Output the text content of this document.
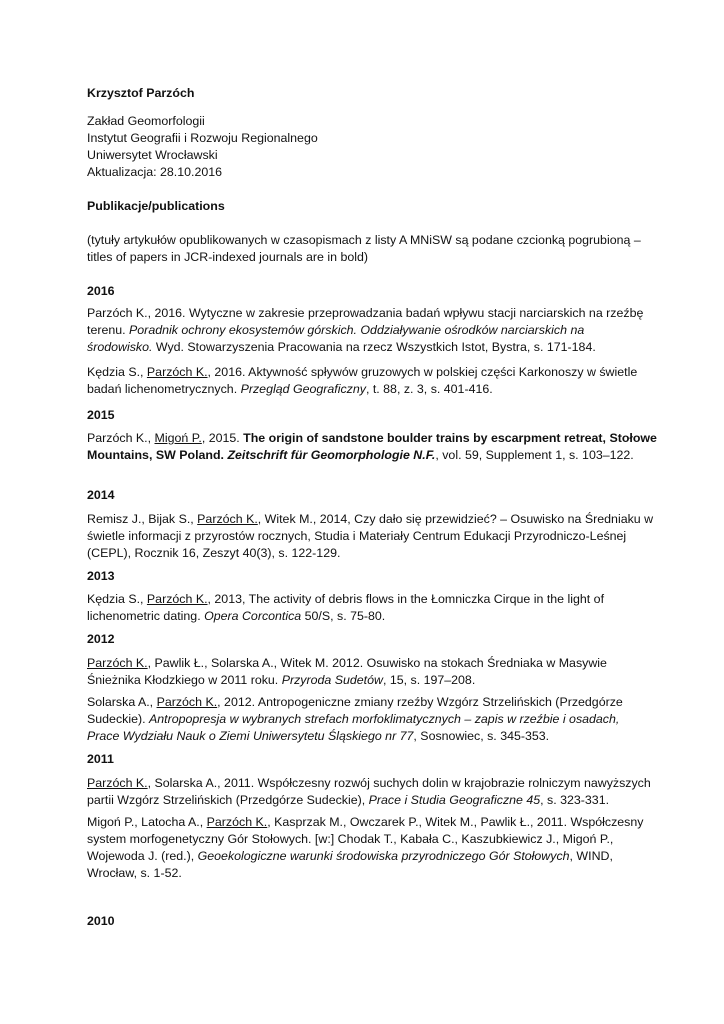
Krzysztof Parzóch

Zakład Geomorfologii
Instytut Geografii i Rozwoju Regionalnego
Uniwersytet Wrocławski
Aktualizacja: 28.10.2016

Publikacje/publications

(tytuły artykułów opublikowanych w czasopismach z listy A MNiSW są podane czcionką pogrubioną –
titles of papers in JCR-indexed journals are in bold)

2016

Parzóch K., 2016. Wytyczne w zakresie przeprowadzania badań wpływu stacji narciarskich na rzeźbę
terenu. Poradnik ochrony ekosystemów górskich. Oddziaływanie ośrodków narciarskich na
środowisko. Wyd. Stowarzyszenia Pracowania na rzecz Wszystkich Istot, Bystra, s. 171-184.
Kędzia S., Parzóch K., 2016. Aktywność spływów gruzowych w polskiej części Karkonoszy w świetle
badań lichenometrycznych. Przegląd Geograficzny, t. 88, z. 3, s. 401-416.

2015

Parzóch K., Migoń P., 2015. The origin of sandstone boulder trains by escarpment retreat, Stołowe
Mountains, SW Poland. Zeitschrift für Geomorphologie N.F., vol. 59, Supplement 1, s. 103–122.

2014

Remisz J., Bijak S., Parzóch K., Witek M., 2014, Czy dało się przewidzieć? – Osuwisko na Średniaku w
świetle informacji z przyrostów rocznych, Studia i Materiały Centrum Edukacji Przyrodniczo-Leśnej
(CEPL), Rocznik 16, Zeszyt 40(3), s. 122-129.

2013

Kędzia S., Parzóch K., 2013, The activity of debris flows in the Łomniczka Cirque in the light of
lichenometric dating. Opera Corcontica 50/S, s. 75-80.

2012

Parzóch K., Pawlik Ł., Solarska A., Witek M. 2012. Osuwisko na stokach Średniaka w Masywie
Śnieżnika Kłodzkiego w 2011 roku. Przyroda Sudetów, 15, s. 197–208.
Solarska A., Parzóch K., 2012. Antropogeniczne zmiany rzeźby Wzgórz Strzelińskich (Przedgórze
Sudeckie). Antropopresja w wybranych strefach morfoklimatycznych – zapis w rzeźbie i osadach,
Prace Wydziału Nauk o Ziemi Uniwersytetu Śląskiego nr 77, Sosnowiec, s. 345-353.

2011

Parzóch K., Solarska A., 2011. Współczesny rozwój suchych dolin w krajobrazie rolniczym nawyższych
partii Wzgórz Strzelińskich (Przedgórze Sudeckie), Prace i Studia Geograficzne 45, s. 323-331.
Migoń P., Latocha A., Parzóch K., Kasprzak M., Owczarek P., Witek M., Pawlik Ł., 2011. Współczesny
system morfogenetyczny Gór Stołowych. [w:] Chodak T., Kabała C., Kaszubkiewicz J., Migoń P.,
Wojewoda J. (red.), Geoekologiczne warunki środowiska przyrodniczego Gór Stołowych, WIND,
Wrocław, s. 1-52.

2010
